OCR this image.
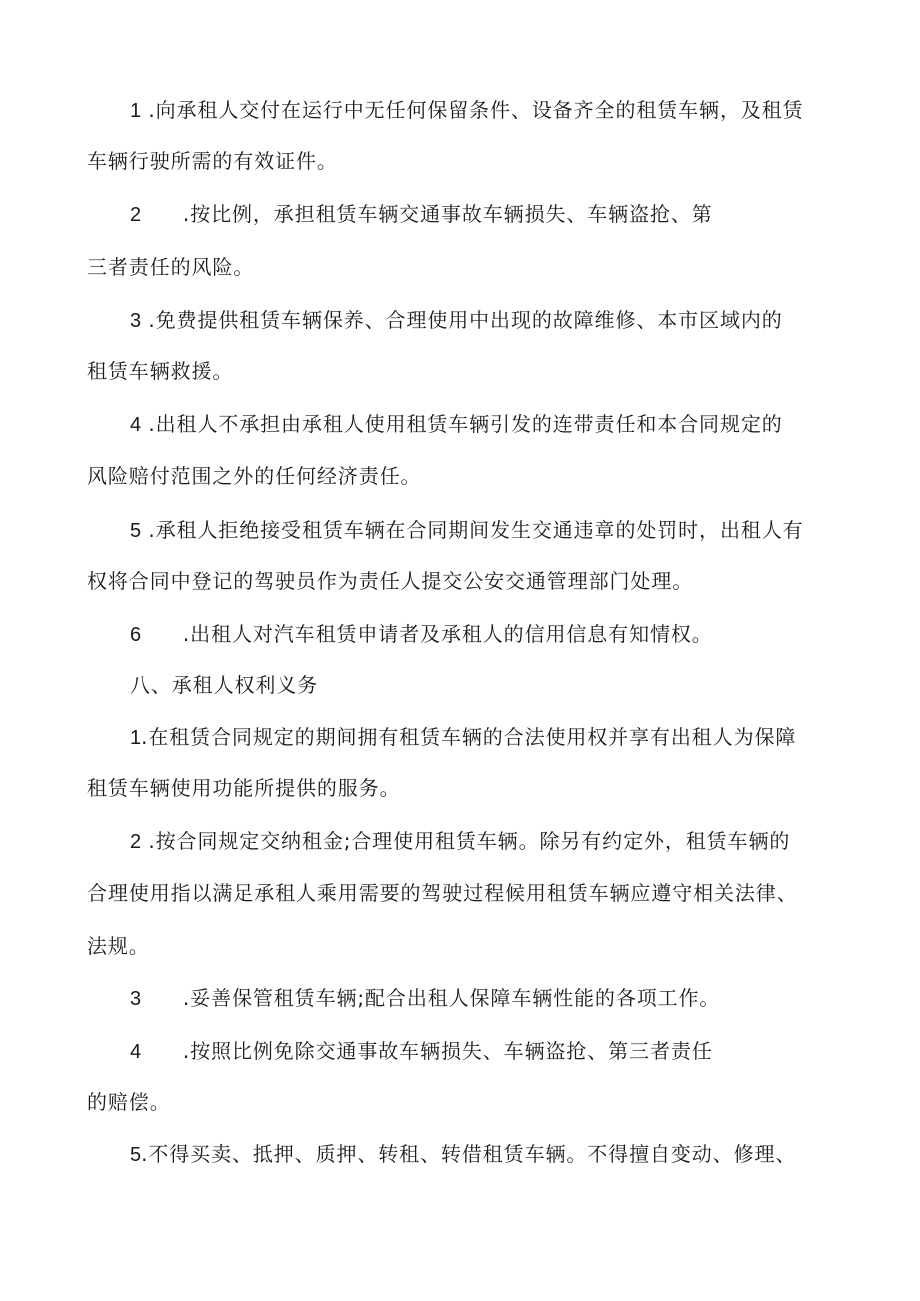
1 .向承租人交付在运行中无任何保留条件、设备齐全的租赁车辆，及租赁
车辆行驶所需的有效证件。
2　　.按比例，承担租赁车辆交通事故车辆损失、车辆盗抢、第
三者责任的风险。
3 .免费提供租赁车辆保养、合理使用中出现的故障维修、本市区域内的
租赁车辆救援。
4 .出租人不承担由承租人使用租赁车辆引发的连带责任和本合同规定的
风险赔付范围之外的任何经济责任。
5 .承租人拒绝接受租赁车辆在合同期间发生交通违章的处罚时，出租人有
权将合同中登记的驾驶员作为责任人提交公安交通管理部门处理。
6　　.出租人对汽车租赁申请者及承租人的信用信息有知情权。
八、承租人权利义务
1.在租赁合同规定的期间拥有租赁车辆的合法使用权并享有出租人为保障
租赁车辆使用功能所提供的服务。
2 .按合同规定交纳租金;合理使用租赁车辆。除另有约定外，租赁车辆的
合理使用指以满足承租人乘用需要的驾驶过程候用租赁车辆应遵守相关法律、
法规。
3　　.妥善保管租赁车辆;配合出租人保障车辆性能的各项工作。
4　　.按照比例免除交通事故车辆损失、车辆盗抢、第三者责任
的赔偿。
5.不得买卖、抵押、质押、转租、转借租赁车辆。不得擅自变动、修理、
